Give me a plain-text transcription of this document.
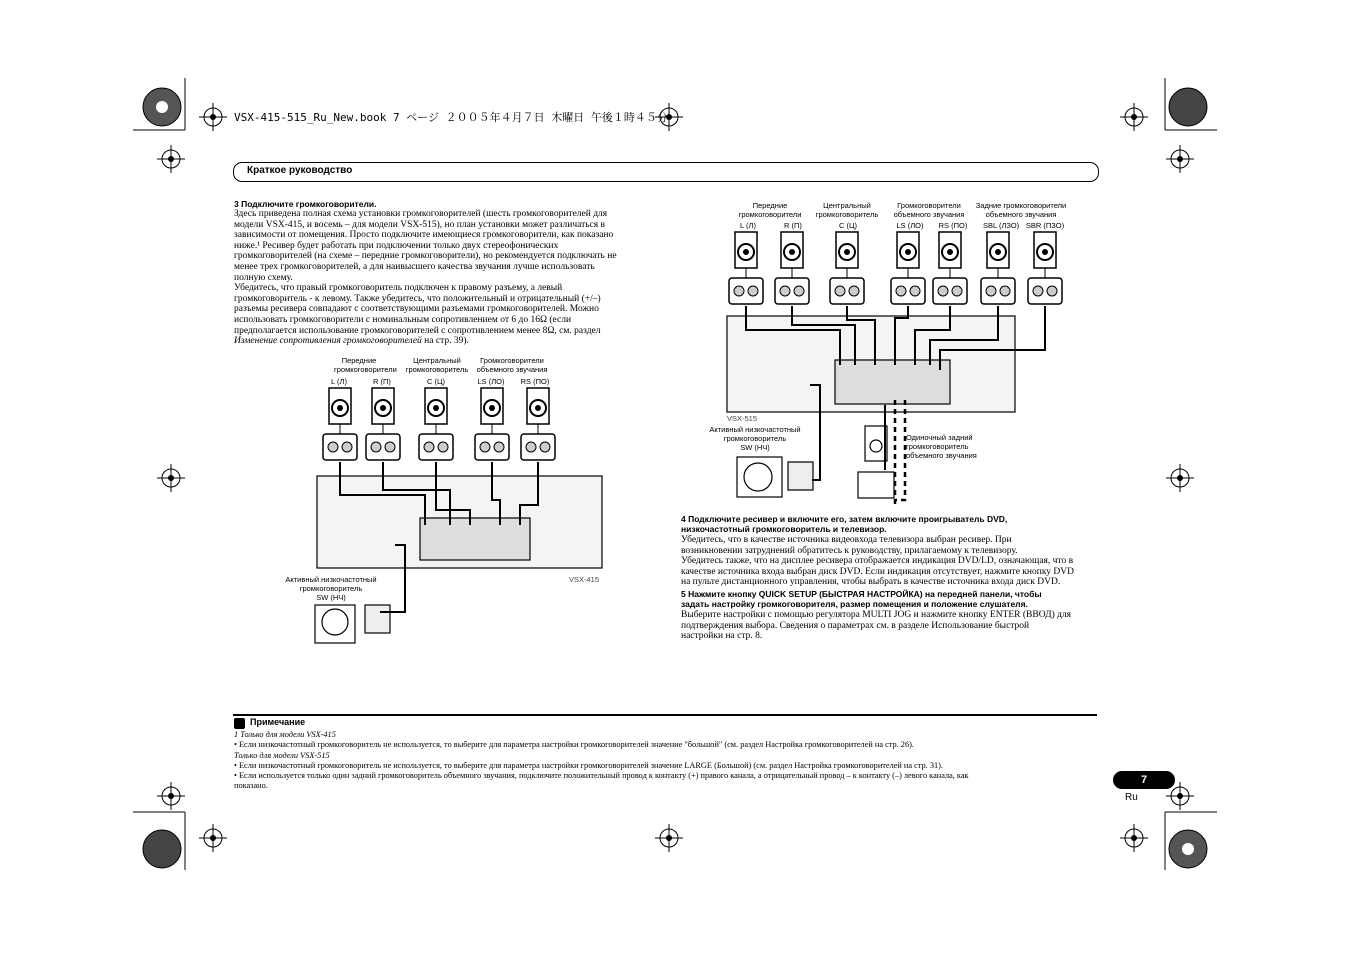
VSX-415-515_Ru_New.book 7 ページ ２００５年４月７日 木曜日 午後１時４５分
Краткое руководство
3 Подключите громкоговорители.
Здесь приведена полная схема установки громкоговорителей (шесть громкоговорителей для
модели VSX-415, и восемь – для модели VSX-515), но план установки может различаться в
зависимости от помещения. Просто подключите имеющиеся громкоговорители, как показано
ниже.¹ Ресивер будет работать при подключении только двух стереофонических
громкоговорителей (на схеме – передние громкоговорители), но рекомендуется подключать не
менее трех громкоговорителей, а для наивысшего качества звучания лучше использовать
полную схему.
Убедитесь, что правый громкоговоритель подключен к правому разъему, а левый
громкоговоритель - к левому. Также убедитесь, что положительный и отрицательный (+/–)
разъемы ресивера совпадают с соответствующими разъемами громкоговорителей. Можно
использовать громкоговорители с номинальным сопротивлением от 6 до 16Ω (если
предполагается использование громкоговорителей с сопротивлением менее 8Ω, см. раздел
Изменение сопротивления громкоговорителей на стр. 39).
Передние
громкоговорители
Центральный
громкоговоритель
Громкоговорители
объемного звучания
L (Л)	R (П)	C (Ц)	LS (ЛО) RS (ПО)
VSX-415
Активный низкочастотный
громкоговоритель
SW (НЧ)
Передние
громкоговорители
Центральный
громкоговоритель
Громкоговорители
объемного звучания
Задние громкоговорители
объемного звучания
L (Л)	R (П)	C (Ц)	LS (ЛО) RS (ПО) SBL (ЛЗО) SBR (ПЗО)
VSX-515
Активный низкочастотный
громкоговоритель
SW (НЧ)
Одиночный задний
громкоговоритель
объемного звучания
4 Подключите ресивер и включите его, затем включите проигрыватель DVD,
низкочастотный громкоговоритель и телевизор.
Убедитесь, что в качестве источника видеовхода телевизора выбран ресивер. При
возникновении затруднений обратитесь к руководству, прилагаемому к телевизору.
Убедитесь также, что на дисплее ресивера отображается индикация DVD/LD, означающая, что в
качестве источника входа выбран диск DVD. Если индикация отсутствует, нажмите кнопку DVD
на пульте дистанционного управления, чтобы выбрать в качестве источника входа диск DVD.
5 Нажмите кнопку QUICK SETUP (БЫСТРАЯ НАСТРОЙКА) на передней панели, чтобы
задать настройку громкоговорителя, размер помещения и положение слушателя.
Выберите настройки с помощью регулятора MULTI JOG и нажмите кнопку ENTER (ВВОД) для
подтверждения выбора. Сведения о параметрах см. в разделе Использование быстрой
настройки на стр. 8.
Примечание
1 Только для модели VSX-415
• Если низкочастотный громкоговоритель не используется, то выберите для параметра настройки громкоговорителей значение "большой" (см. раздел Настройка громкоговорителей на стр. 26).
Только для модели VSX-515
• Если низкочастотный громкоговоритель не используется, то выберите для параметра настройки громкоговорителей значение LARGE (Большой) (см. раздел Настройка громкоговорителей на стр. 31).
• Если используется только один задний громкоговоритель объемного звучания, подключите положительный провод к контакту (+) правого канала, а отрицательный провод – к контакту (–) левого канала, как
показано.	7
Ru
